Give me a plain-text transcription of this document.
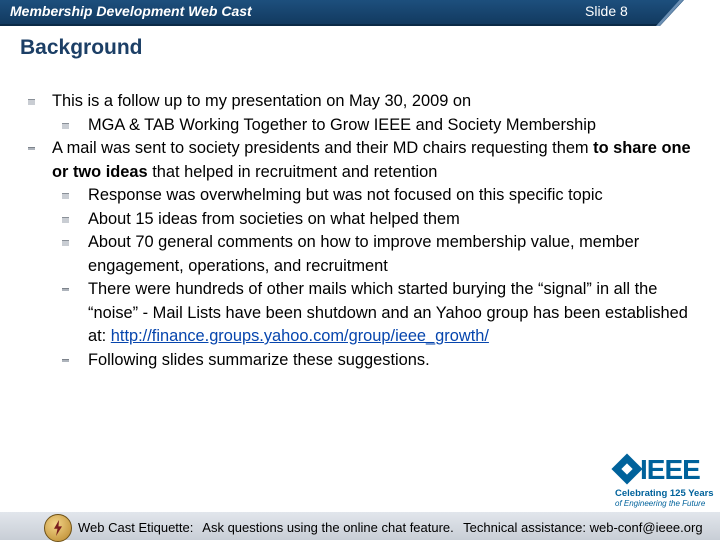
Membership Development Web Cast	Slide 8
Background
This is a follow up to my presentation on May 30, 2009 on
MGA & TAB Working Together to Grow IEEE and Society Membership
A mail was sent to society presidents and their MD chairs requesting them to share one or two ideas that helped in recruitment and retention
Response was overwhelming but was not focused on this specific topic
About 15 ideas from societies on what helped them
About 70 general comments on how to improve membership value, member engagement, operations, and recruitment
There were hundreds of other mails which started burying the “signal” in all the “noise” - Mail Lists have been shutdown and an Yahoo group has been established at: http://finance.groups.yahoo.com/group/ieee_growth/
Following slides summarize these suggestions.
IEEE
Celebrating 125 Years
of Engineering the Future
Web Cast Etiquette: Ask questions using the online chat feature. Technical assistance: web-conf@ieee.org
